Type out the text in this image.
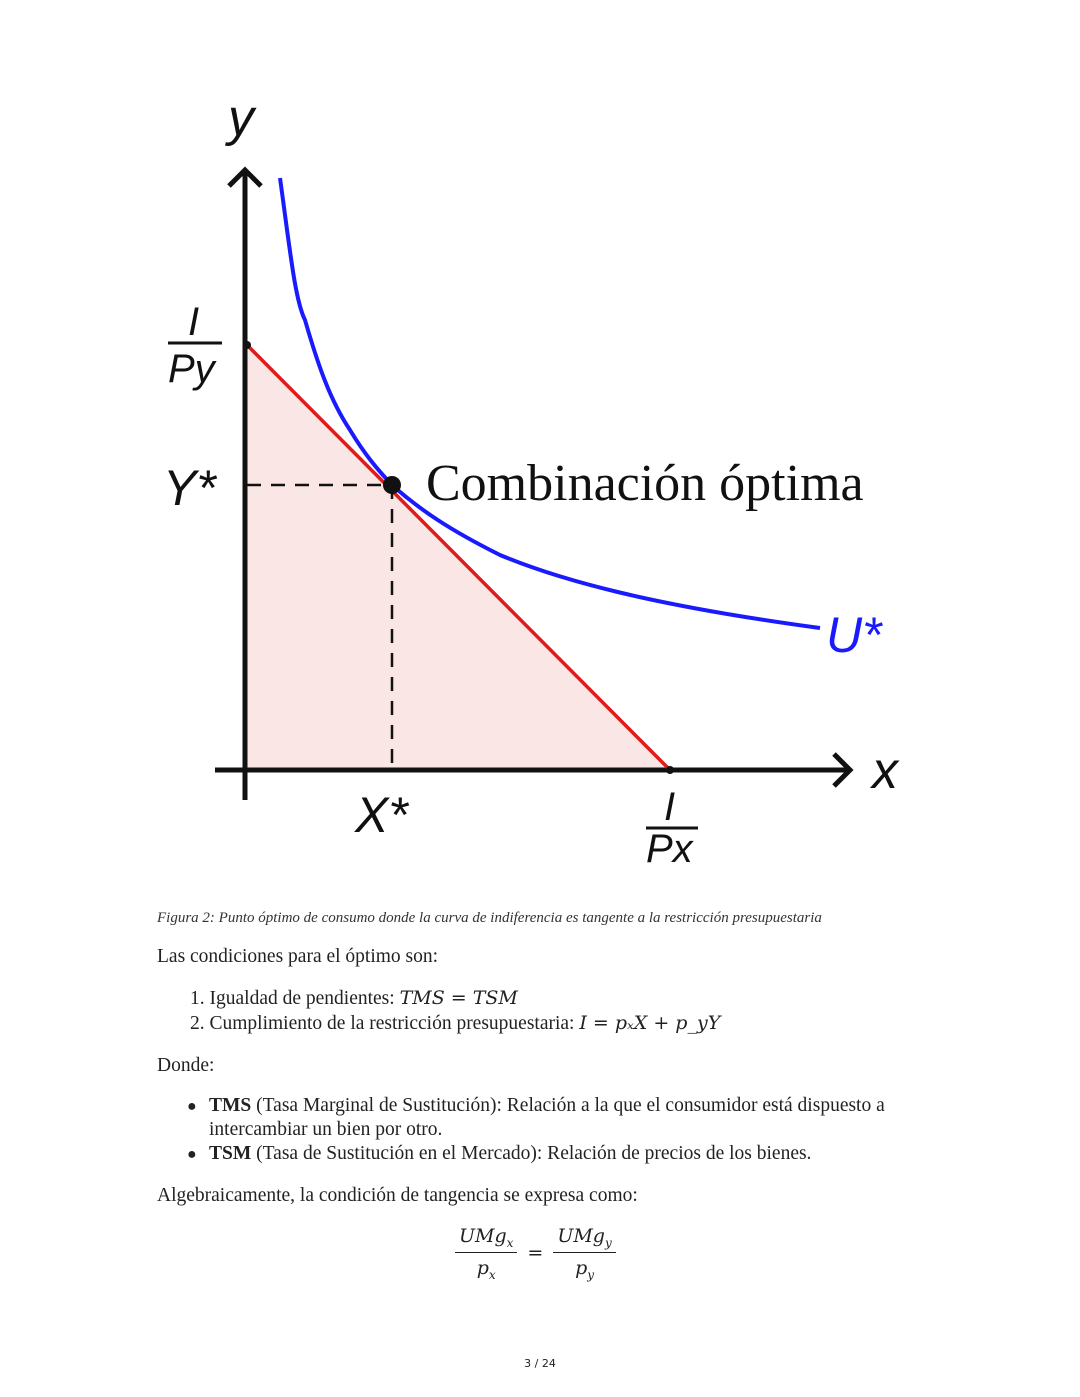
y
x
I
Py
Y*
X*	I
Px
U*
Combinación óptima
Figura 2: Punto óptimo de consumo donde la curva de indiferencia es tangente a la restricción presupuestaria
Las condiciones para el óptimo son:
1. Igualdad de pendientes: TMS = TSM
2. Cumplimiento de la restricción presupuestaria: I = pₓX + p_yY
Donde:
● TMS (Tasa Marginal de Sustitución): Relación a la que el consumidor está dispuesto a
intercambiar un bien por otro.
● TSM (Tasa de Sustitución en el Mercado): Relación de precios de los bienes.
Algebraicamente, la condición de tangencia se expresa como:
$\frac{UMg_x}{p_x} = \frac{UMg_y}{p_y}$
3 / 24
